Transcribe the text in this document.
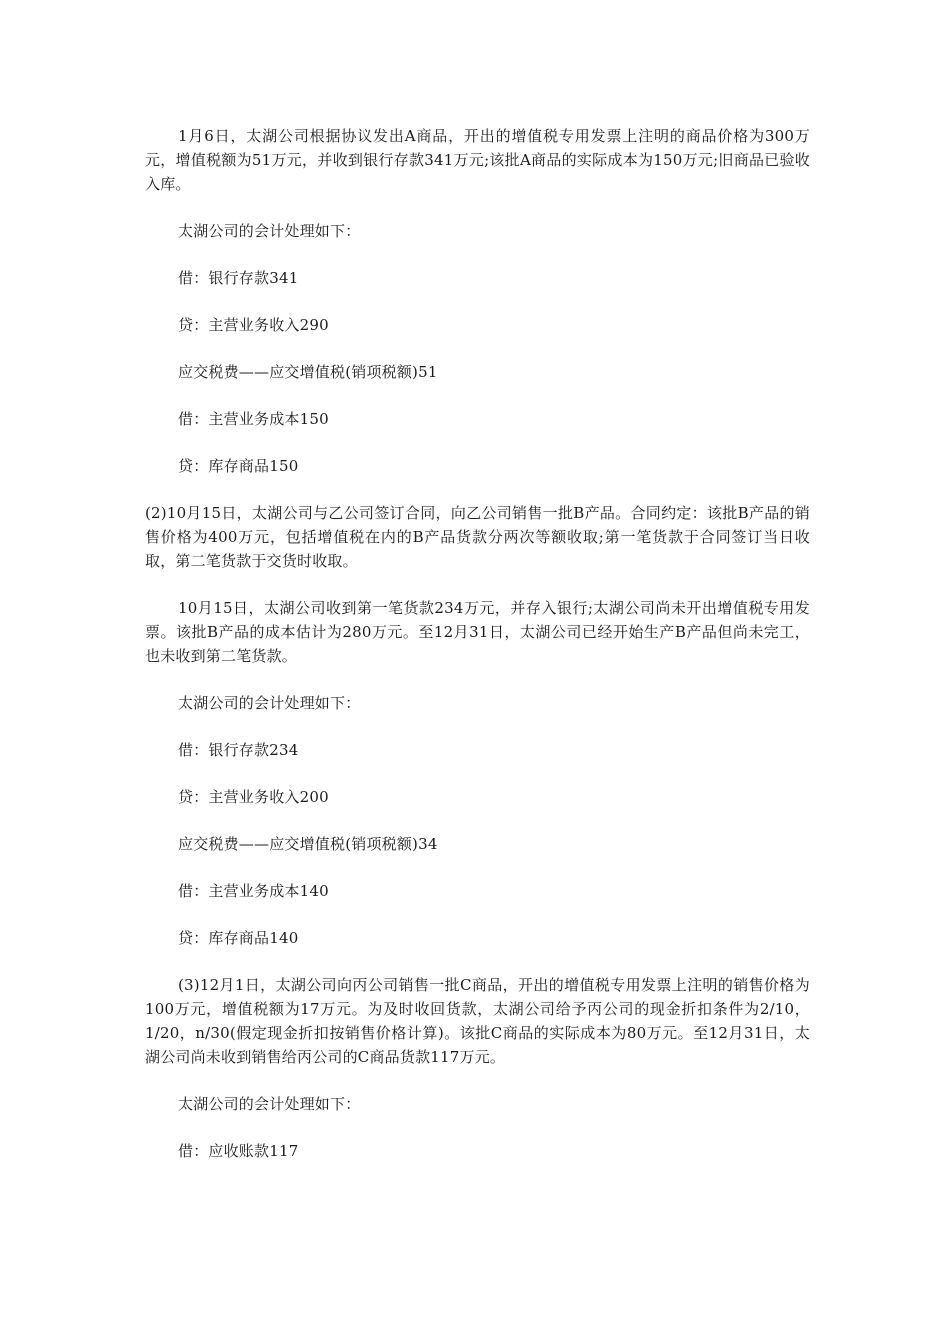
1月6日，太湖公司根据协议发出A商品，开出的增值税专用发票上注明的商品价格为300万元，增值税额为51万元，并收到银行存款341万元;该批A商品的实际成本为150万元;旧商品已验收入库。

太湖公司的会计处理如下：

借：银行存款341

贷：主营业务收入290

应交税费——应交增值税(销项税额)51

借：主营业务成本150

贷：库存商品150

(2)10月15日，太湖公司与乙公司签订合同，向乙公司销售一批B产品。合同约定：该批B产品的销售价格为400万元，包括增值税在内的B产品货款分两次等额收取;第一笔货款于合同签订当日收取，第二笔货款于交货时收取。

10月15日，太湖公司收到第一笔货款234万元，并存入银行;太湖公司尚未开出增值税专用发票。该批B产品的成本估计为280万元。至12月31日，太湖公司已经开始生产B产品但尚未完工，也未收到第二笔货款。

太湖公司的会计处理如下：

借：银行存款234

贷：主营业务收入200

应交税费——应交增值税(销项税额)34

借：主营业务成本140

贷：库存商品140

(3)12月1日，太湖公司向丙公司销售一批C商品，开出的增值税专用发票上注明的销售价格为100万元，增值税额为17万元。为及时收回货款，太湖公司给予丙公司的现金折扣条件为2/10，1/20，n/30(假定现金折扣按销售价格计算)。该批C商品的实际成本为80万元。至12月31日，太湖公司尚未收到销售给丙公司的C商品货款117万元。

太湖公司的会计处理如下：

借：应收账款117
